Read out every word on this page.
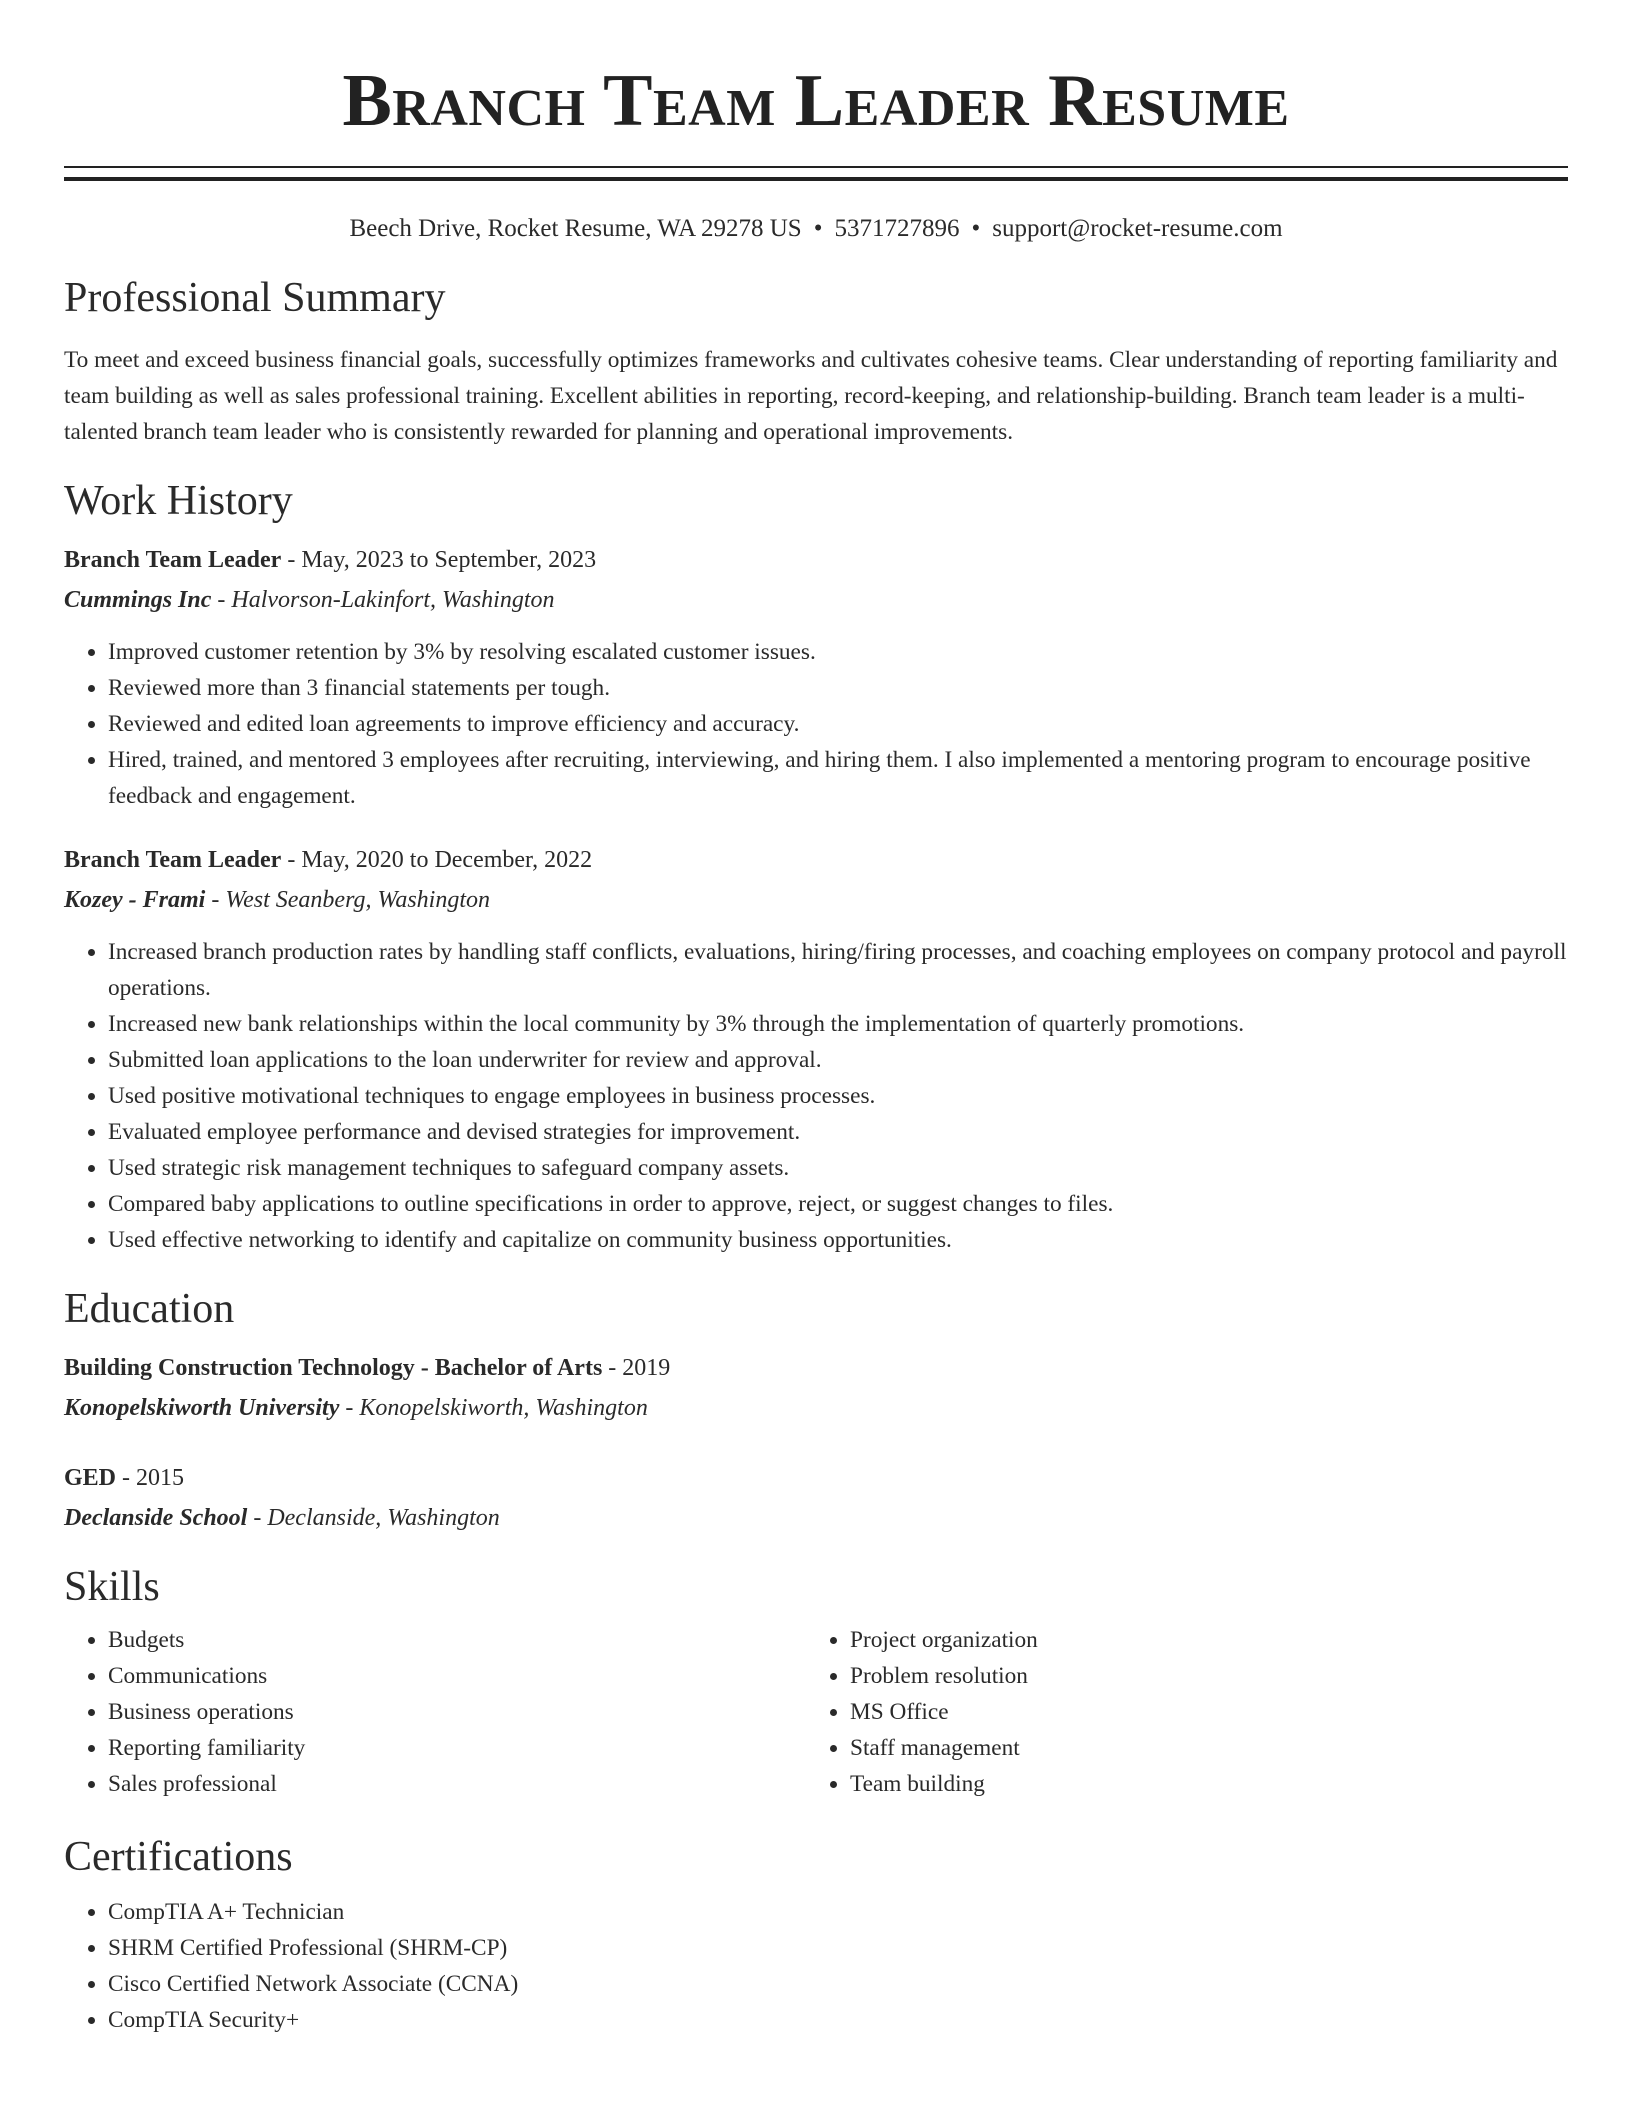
Branch Team Leader Resume
Beech Drive, Rocket Resume, WA 29278 US • 5371727896 • support@rocket-resume.com
Professional Summary

To meet and exceed business financial goals, successfully optimizes frameworks and cultivates cohesive teams. Clear understanding of reporting familiarity and team building as well as sales professional training. Excellent abilities in reporting, record-keeping, and relationship-building. Branch team leader is a multi-talented branch team leader who is consistently rewarded for planning and operational improvements.

Work History
Branch Team Leader - May, 2023 to September, 2023
Cummings Inc - Halvorson-Lakinfort, Washington
• Improved customer retention by 3% by resolving escalated customer issues.
• Reviewed more than 3 financial statements per tough.
• Reviewed and edited loan agreements to improve efficiency and accuracy.
• Hired, trained, and mentored 3 employees after recruiting, interviewing, and hiring them. I also implemented a mentoring program to encourage positive feedback and engagement.
Branch Team Leader - May, 2020 to December, 2022
Kozey - Frami - West Seanberg, Washington
• Increased branch production rates by handling staff conflicts, evaluations, hiring/firing processes, and coaching employees on company protocol and payroll operations.
• Increased new bank relationships within the local community by 3% through the implementation of quarterly promotions.
• Submitted loan applications to the loan underwriter for review and approval.
• Used positive motivational techniques to engage employees in business processes.
• Evaluated employee performance and devised strategies for improvement.
• Used strategic risk management techniques to safeguard company assets.
• Compared baby applications to outline specifications in order to approve, reject, or suggest changes to files.
• Used effective networking to identify and capitalize on community business opportunities.
Education
Building Construction Technology - Bachelor of Arts - 2019
Konopelskiworth University - Konopelskiworth, Washington
GED - 2015
Declanside School - Declanside, Washington
Skills
• Budgets
• Communications
• Business operations
• Reporting familiarity
• Sales professional
• Project organization
• Problem resolution
• MS Office
• Staff management
• Team building
Certifications
• CompTIA A+ Technician
• SHRM Certified Professional (SHRM-CP)
• Cisco Certified Network Associate (CCNA)
• CompTIA Security+
